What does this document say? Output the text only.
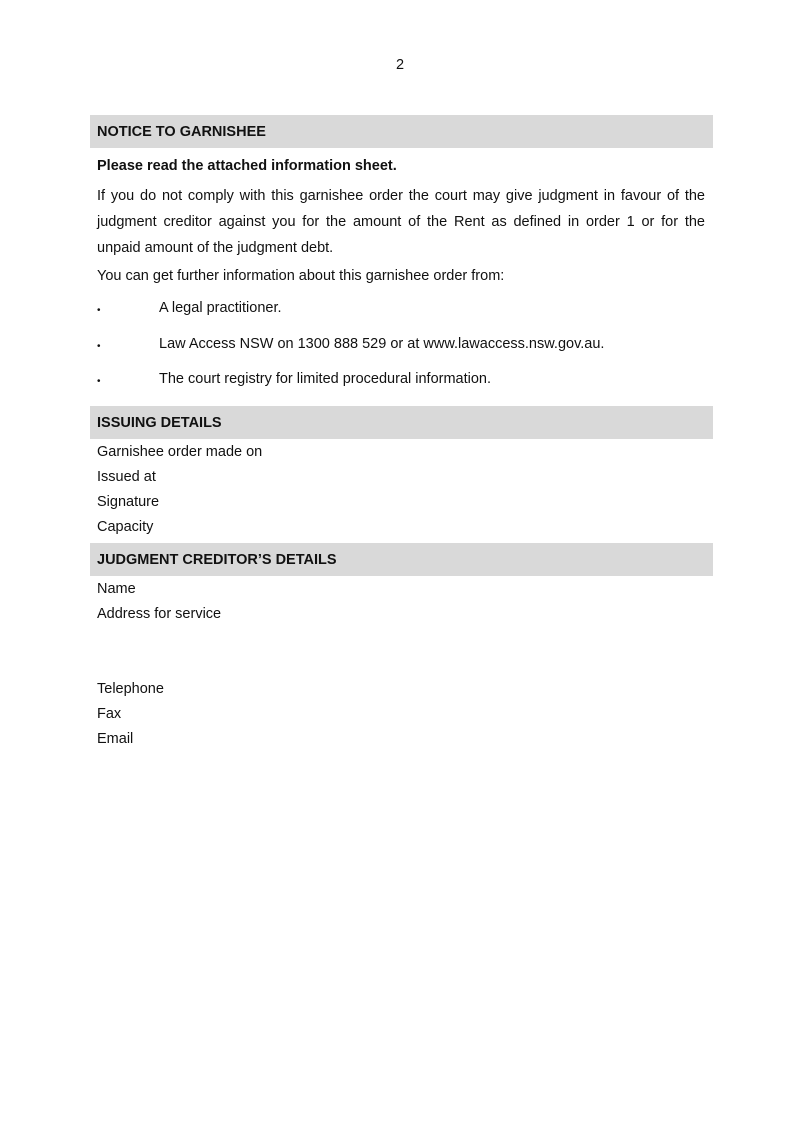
2
NOTICE TO GARNISHEE
Please read the attached information sheet.
If you do not comply with this garnishee order the court may give judgment in favour of the judgment creditor against you for the amount of the Rent as defined in order 1 or for the unpaid amount of the judgment debt.
You can get further information about this garnishee order from:
•	A legal practitioner.
•	Law Access NSW on 1300 888 529 or at www.lawaccess.nsw.gov.au.
•	The court registry for limited procedural information.
ISSUING DETAILS
Garnishee order made on
Issued at
Signature
Capacity
JUDGMENT CREDITOR’S DETAILS
Name
Address for service
Telephone
Fax
Email
